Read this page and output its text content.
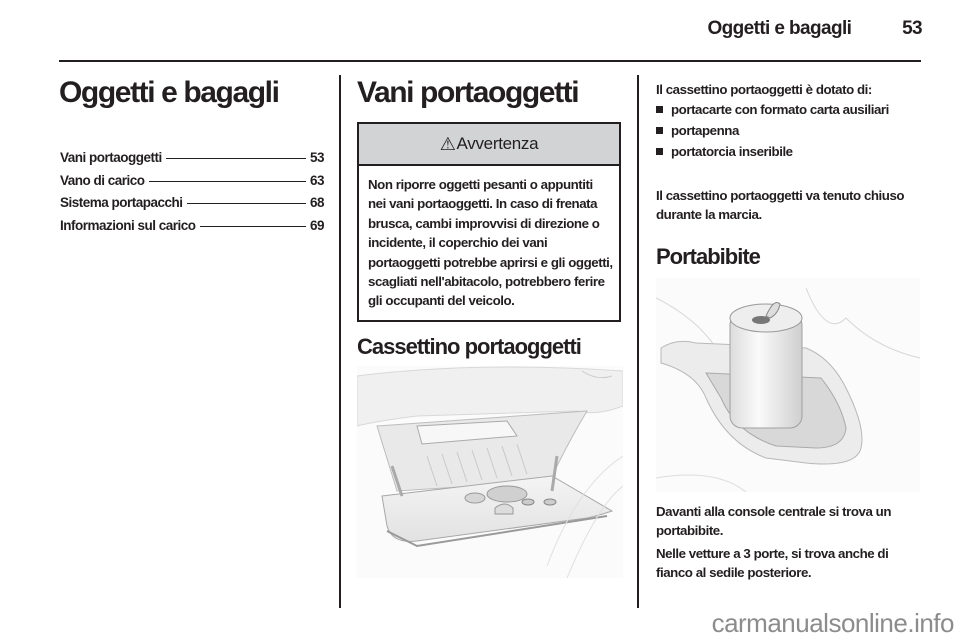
Oggetti e bagagli	53
Oggetti e bagagli
Vani portaoggetti	53
Vano di carico	63
Sistema portapacchi	68
Informazioni sul carico	69
Vani portaoggetti
⚠ Avvertenza
Non riporre oggetti pesanti o appuntiti nei vani portaoggetti. In caso di frenata brusca, cambi improvvisi di direzione o incidente, il coperchio dei vani portaoggetti potrebbe aprirsi e gli oggetti, scagliati nell'abitacolo, potrebbero ferire gli occupanti del veicolo.
Cassettino portaoggetti
Il cassettino portaoggetti è dotato di:
portacarte con formato carta ausiliari
portapenna
portatorcia inseribile
Il cassettino portaoggetti va tenuto chiuso durante la marcia.
Portabibite
Davanti alla console centrale si trova un portabibite.
Nelle vetture a 3 porte, si trova anche di fianco al sedile posteriore.
carmanualsonline.info
